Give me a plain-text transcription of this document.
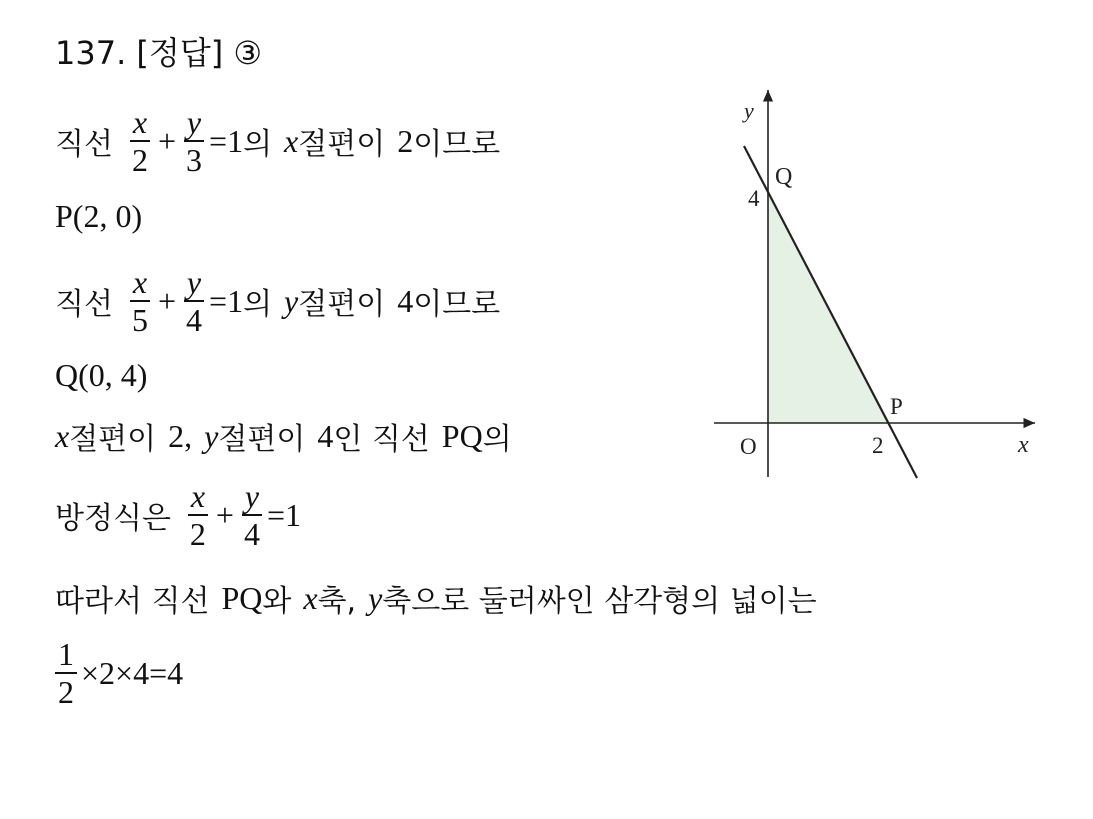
137. [정답] ③
직선 $\frac{x}{2} + \frac{y}{3} =1$ 의 x 절편이 2 이므로
P(2, 0)
직선 $\frac{x}{5} + \frac{y}{4} =1$ 의 y 절편이 4 이므로
Q(0, 4)
x 절편이 2, y 절편이 4 인 직선 PQ 의
방정식은 $\frac{x}{2} + \frac{y}{4} =1$
따라서 직선 PQ 와 x 축, y 축으로 둘러싸인 삼각형의 넓이는
$\frac{1}{2} \times 2\times 4=4$
y
x
O
Q
4
P
2
